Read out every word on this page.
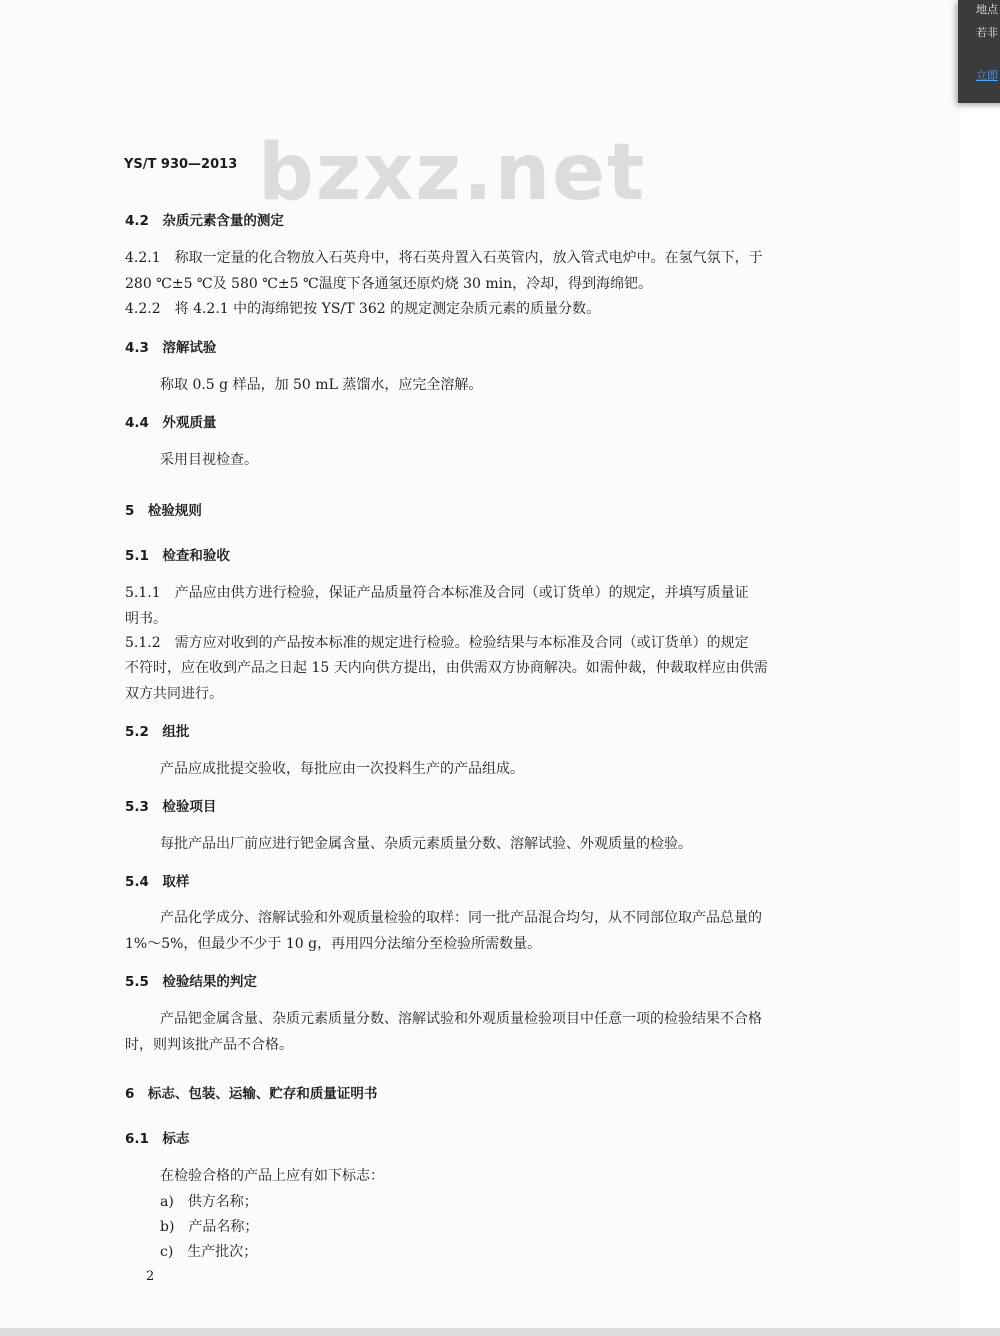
bzxz.net
YS/T 930—2013
4.2　杂质元素含量的测定
4.2.1　称取一定量的化合物放入石英舟中，将石英舟置入石英管内，放入管式电炉中。在氢气氛下，于
280 ℃±5 ℃及 580 ℃±5 ℃温度下各通氢还原灼烧 30 min，冷却，得到海绵钯。
4.2.2　将 4.2.1 中的海绵钯按 YS/T 362 的规定测定杂质元素的质量分数。
4.3　溶解试验
称取 0.5 g 样品，加 50 mL 蒸馏水，应完全溶解。
4.4　外观质量
采用目视检查。
5　检验规则
5.1　检查和验收
5.1.1　产品应由供方进行检验，保证产品质量符合本标准及合同（或订货单）的规定，并填写质量证
明书。
5.1.2　需方应对收到的产品按本标准的规定进行检验。检验结果与本标准及合同（或订货单）的规定
不符时，应在收到产品之日起 15 天内向供方提出，由供需双方协商解决。如需仲裁，仲裁取样应由供需
双方共同进行。
5.2　组批
产品应成批提交验收，每批应由一次投料生产的产品组成。
5.3　检验项目
每批产品出厂前应进行钯金属含量、杂质元素质量分数、溶解试验、外观质量的检验。
5.4　取样
产品化学成分、溶解试验和外观质量检验的取样：同一批产品混合均匀，从不同部位取产品总量的
1%～5%，但最少不少于 10 g，再用四分法缩分至检验所需数量。
5.5　检验结果的判定
产品钯金属含量、杂质元素质量分数、溶解试验和外观质量检验项目中任意一项的检验结果不合格
时，则判该批产品不合格。
6　标志、包装、运输、贮存和质量证明书
6.1　标志
在检验合格的产品上应有如下标志：
a)　供方名称；
b)　产品名称；
c)　生产批次；
2
地点
若非
立即
